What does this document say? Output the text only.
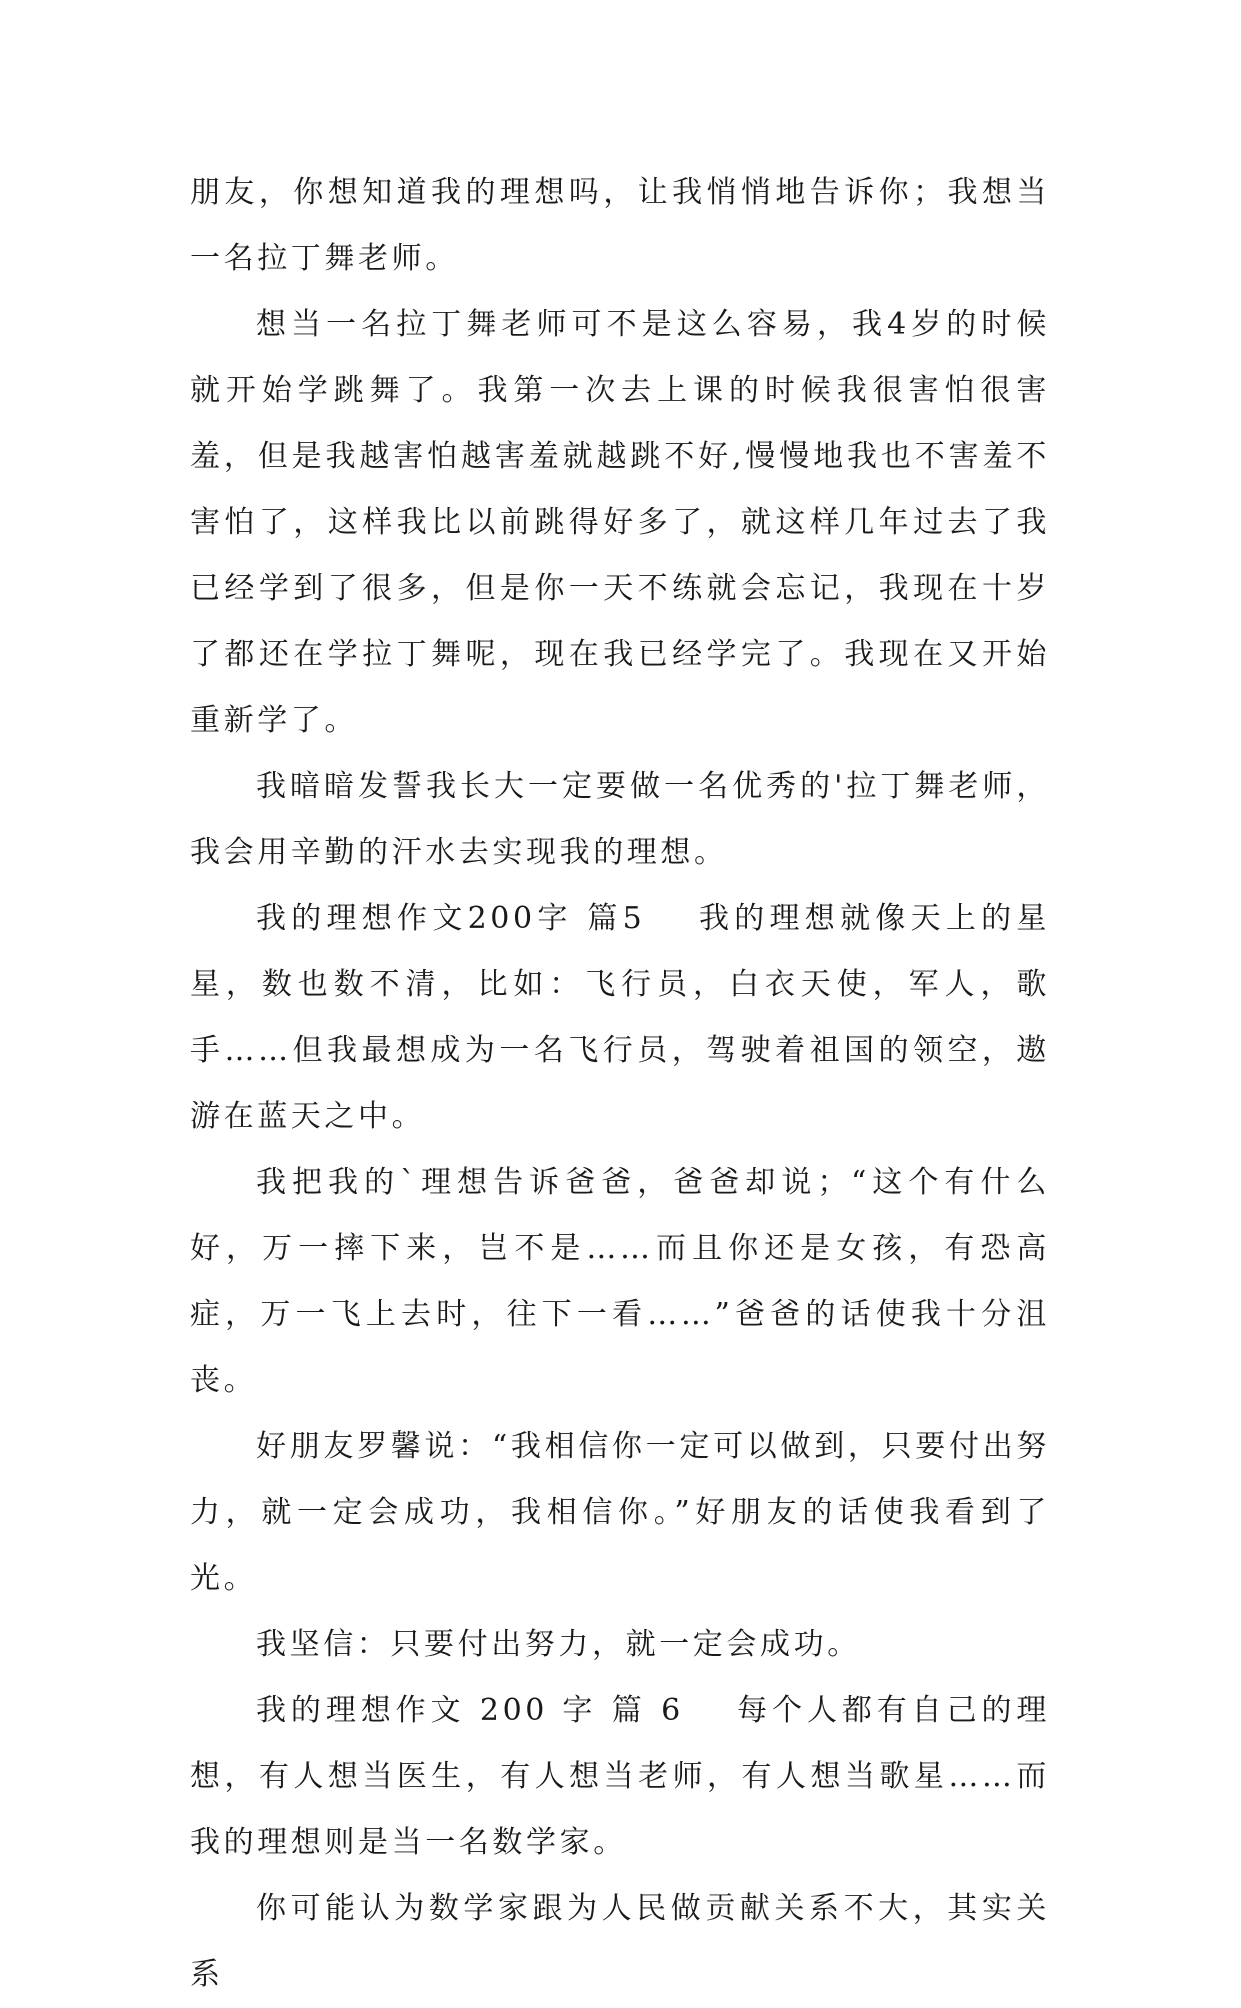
朋友，你想知道我的理想吗，让我悄悄地告诉你；我想当一名拉丁舞老师。

想当一名拉丁舞老师可不是这么容易，我4岁的时候就开始学跳舞了。我第一次去上课的时候我很害怕很害羞，但是我越害怕越害羞就越跳不好,慢慢地我也不害羞不害怕了，这样我比以前跳得好多了，就这样几年过去了我已经学到了很多，但是你一天不练就会忘记，我现在十岁了都还在学拉丁舞呢，现在我已经学完了。我现在又开始重新学了。

我暗暗发誓我长大一定要做一名优秀的'拉丁舞老师，我会用辛勤的汗水去实现我的理想。

我的理想作文200字 篇5 我的理想就像天上的星星，数也数不清，比如：飞行员，白衣天使，军人，歌手……但我最想成为一名飞行员，驾驶着祖国的领空，遨游在蓝天之中。

我把我的`理想告诉爸爸，爸爸却说；“这个有什么好，万一摔下来，岂不是……而且你还是女孩，有恐高症，万一飞上去时，往下一看……”爸爸的话使我十分沮丧。

好朋友罗馨说：“我相信你一定可以做到，只要付出努力，就一定会成功，我相信你。”好朋友的话使我看到了光。

我坚信：只要付出努力，就一定会成功。

我的理想作文 200 字 篇 6 每个人都有自己的理想，有人想当医生，有人想当老师，有人想当歌星……而我的理想则是当一名数学家。

你可能认为数学家跟为人民做贡献关系不大，其实关系
